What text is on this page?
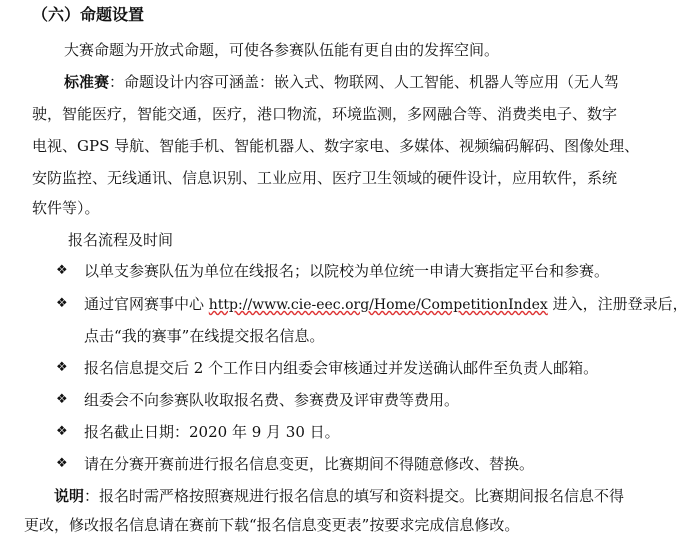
（六）命题设置
大赛命题为开放式命题，可使各参赛队伍能有更自由的发挥空间。
标准赛：命题设计内容可涵盖：嵌入式、物联网、人工智能、机器人等应用（无人驾
驶，智能医疗，智能交通，医疗，港口物流，环境监测，多网融合等、消费类电子、数字
电视、GPS 导航、智能手机、智能机器人、数字家电、多媒体、视频编码解码、图像处理、
安防监控、无线通讯、信息识别、工业应用、医疗卫生领域的硬件设计，应用软件，系统
软件等）。
报名流程及时间
❖ 以单支参赛队伍为单位在线报名；以院校为单位统一申请大赛指定平台和参赛。
❖ 通过官网赛事中心 http://www.cie-eec.org/Home/CompetitionIndex 进入，注册登录后，
点击“我的赛事”在线提交报名信息。
❖ 报名信息提交后 2 个工作日内组委会审核通过并发送确认邮件至负责人邮箱。
❖ 组委会不向参赛队收取报名费、参赛费及评审费等费用。
❖ 报名截止日期：2020 年 9 月 30 日。
❖ 请在分赛开赛前进行报名信息变更，比赛期间不得随意修改、替换。
说明：报名时需严格按照赛规进行报名信息的填写和资料提交。比赛期间报名信息不得
更改，修改报名信息请在赛前下载“报名信息变更表”按要求完成信息修改。
